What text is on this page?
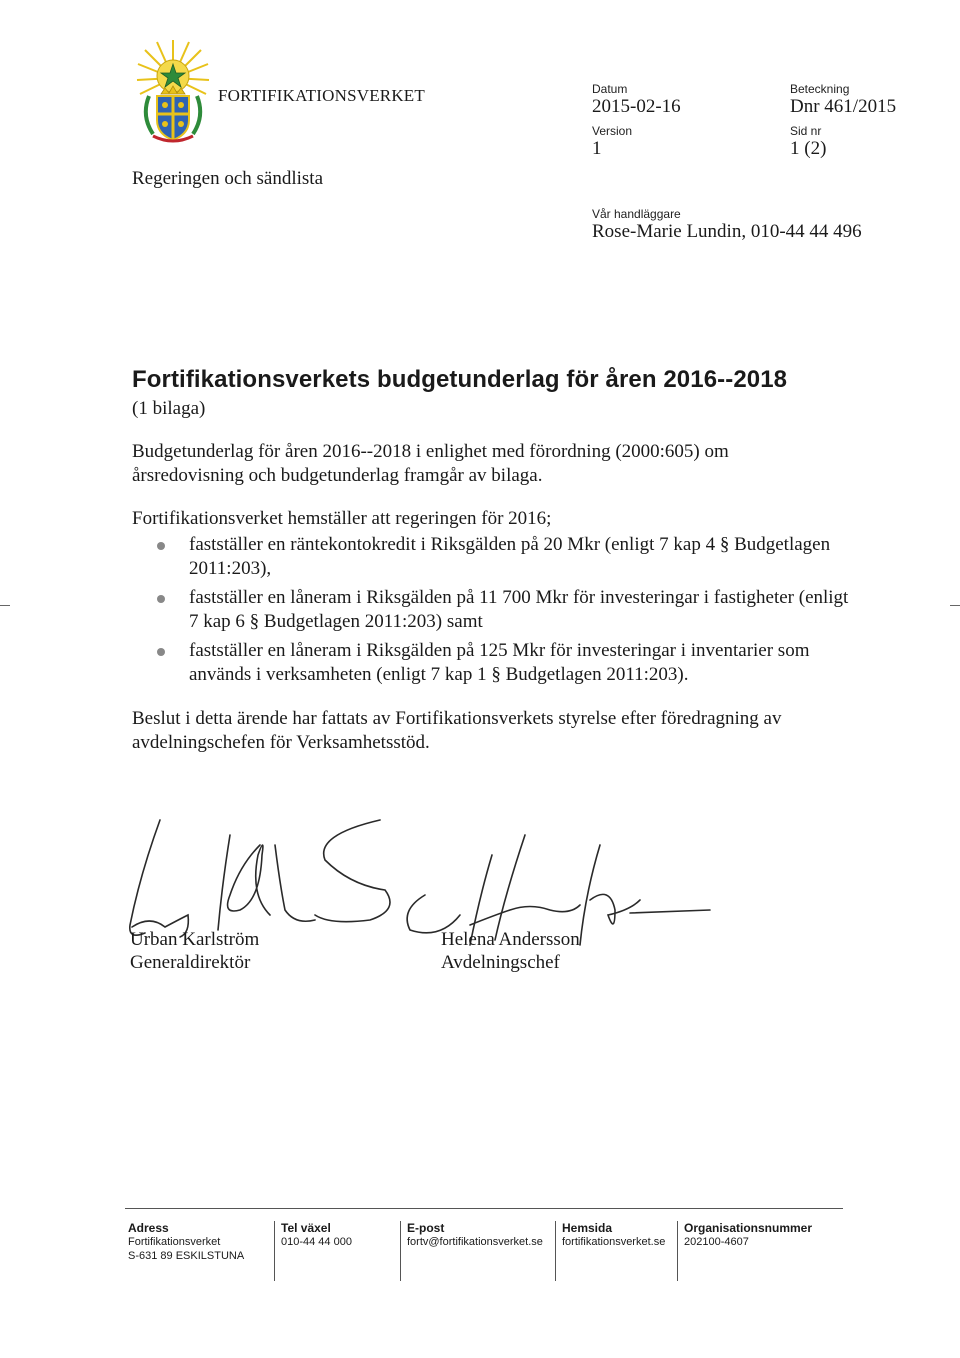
FORTIFIKATIONSVERKET
Regeringen och sändlista
Datum
2015-02-16
Beteckning
Dnr 461/2015
Version
1
Sid nr
1 (2)
Vår handläggare
Rose-Marie Lundin, 010-44 44 496
Fortifikationsverkets budgetunderlag för åren 2016--2018
(1 bilaga)
Budgetunderlag för åren 2016--2018 i enlighet med förordning (2000:605) om årsredovisning och budgetunderlag framgår av bilaga.
Fortifikationsverket hemställer att regeringen för 2016;
fastställer en räntekontokredit i Riksgälden på 20 Mkr (enligt 7 kap 4 § Budgetlagen 2011:203),
fastställer en låneram i Riksgälden på 11 700 Mkr för investeringar i fastigheter (enligt 7 kap 6 § Budgetlagen 2011:203) samt
fastställer en låneram i Riksgälden på 125 Mkr för investeringar i inventarier som används i verksamheten (enligt 7 kap 1 § Budgetlagen 2011:203).
Beslut i detta ärende har fattats av Fortifikationsverkets styrelse efter föredragning av avdelningschefen för Verksamhetsstöd.
Urban Karlström
Generaldirektör
Helena Andersson
Avdelningschef
Adress
Fortifikationsverket
S-631 89 ESKILSTUNA
Tel växel
010-44 44 000
E-post
fortv@fortifikationsverket.se
Hemsida
fortifikationsverket.se
Organisationsnummer
202100-4607
